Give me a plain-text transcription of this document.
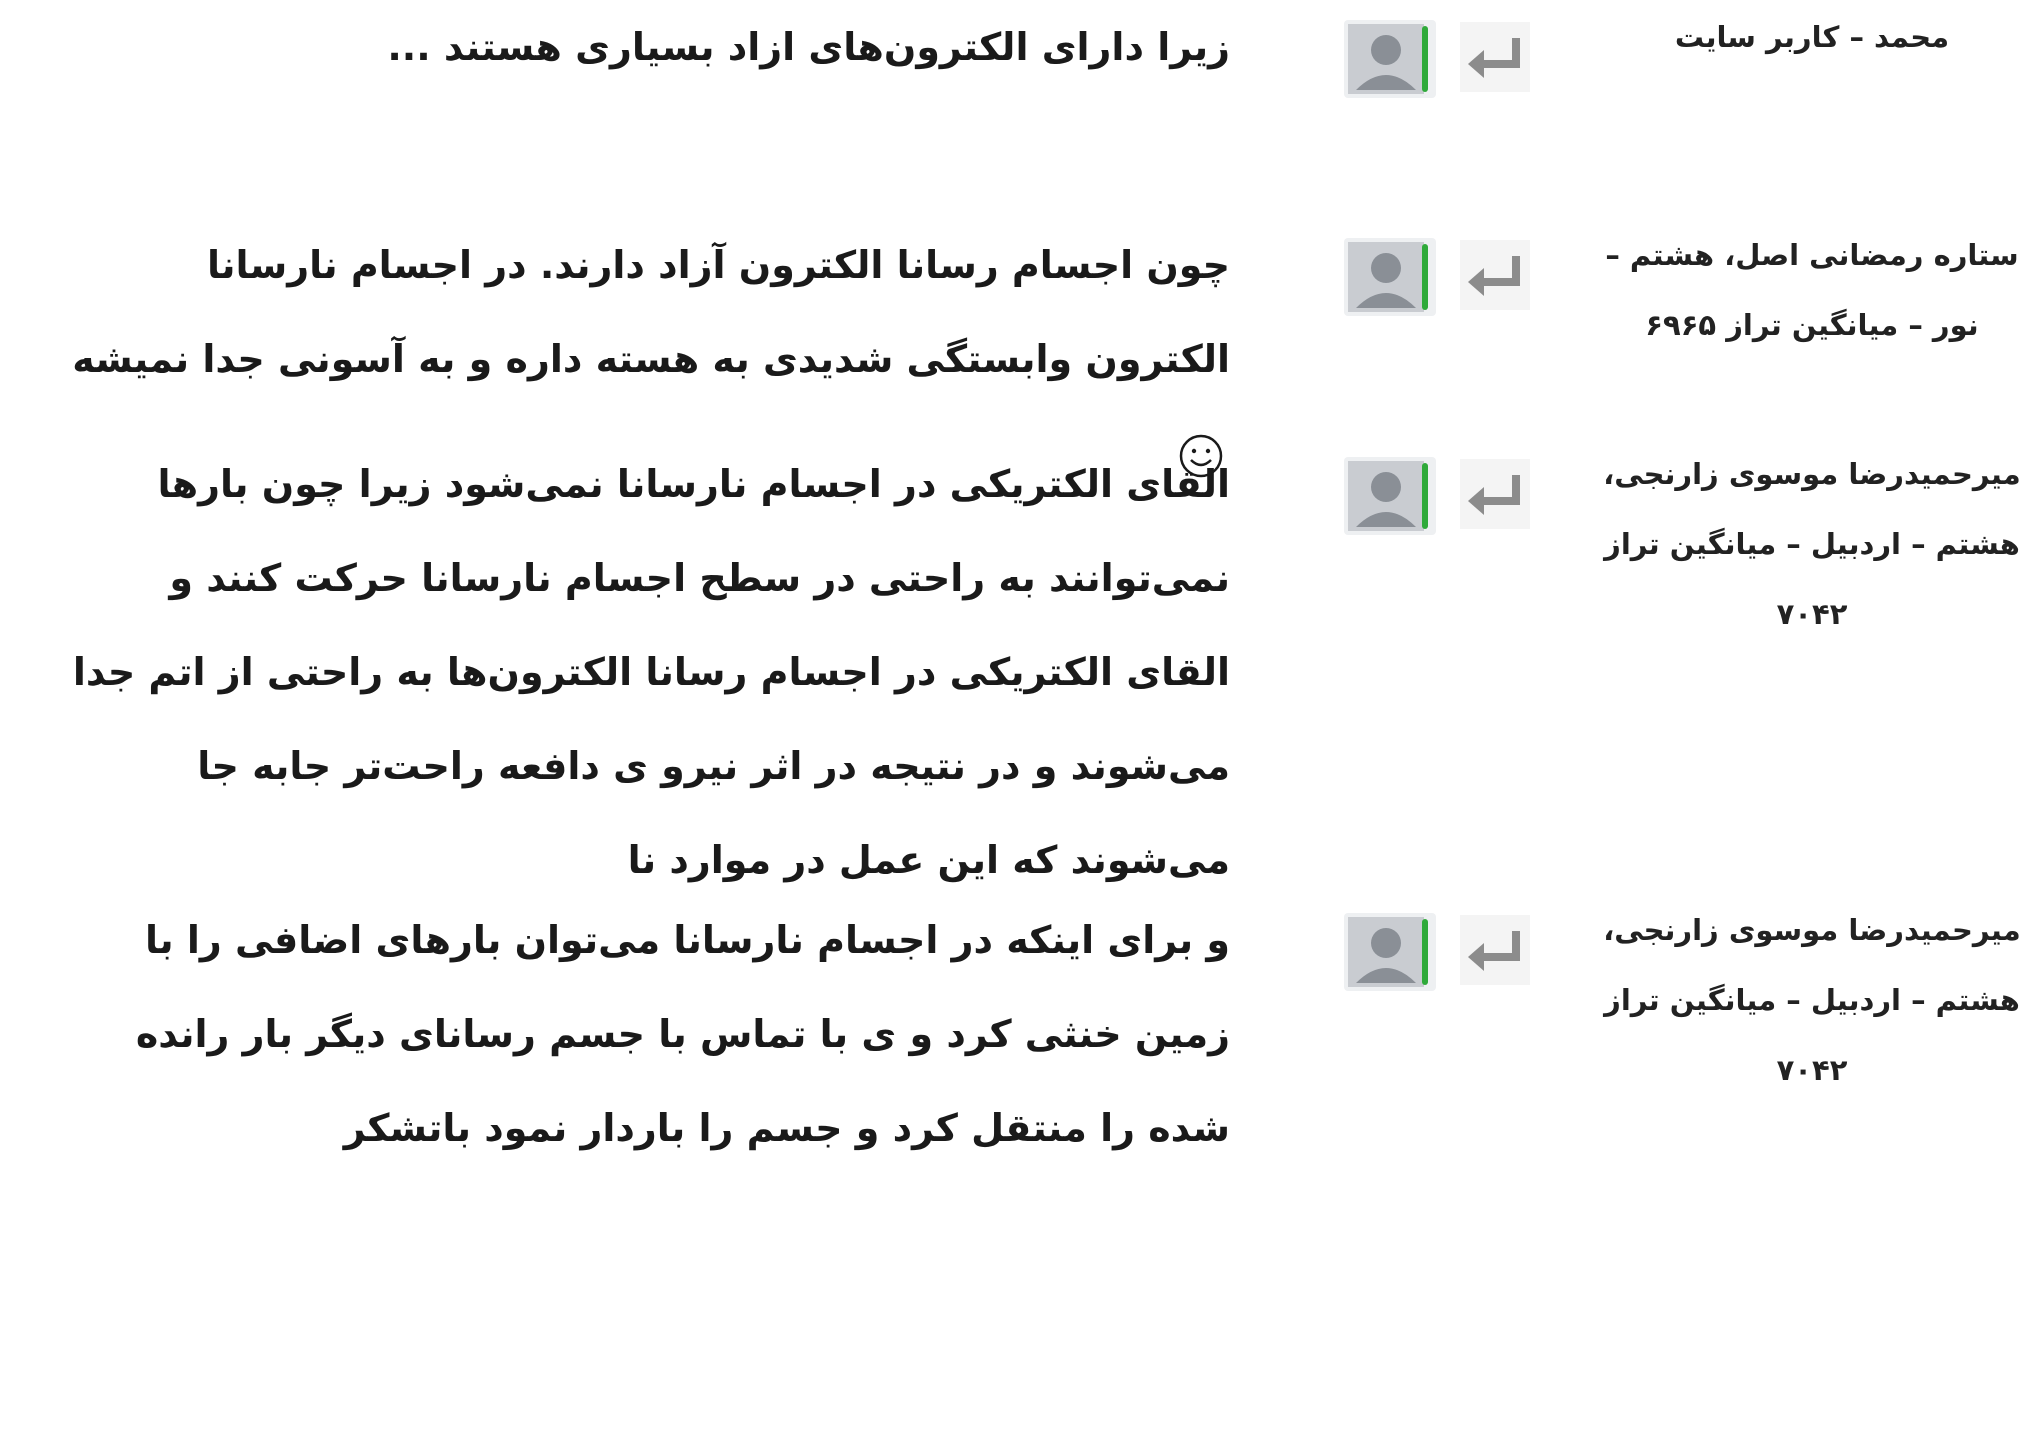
محمد – کاربر سایت
زیرا دارای الکترون‌های ازاد بسیاری هستند ...
ستاره رمضانی اصل، هشتم –
نور – میانگین تراز ۶۹۶۵
چون اجسام رسانا الکترون آزاد دارند. در اجسام نارسانا الکترون وابستگی شدیدی به هسته داره و به آسونی جدا نمیشه
میرحمیدرضا موسوی زارنجی،
هشتم – اردبیل – میانگین تراز
۷۰۴۲
القای الکتریکی در اجسام نارسانا نمی‌شود زیرا چون بارها نمی‌توانند به راحتی در سطح اجسام نارسانا حرکت کنند و القای الکتریکی در اجسام رسانا الکترون‌ها به راحتی از اتم جدا می‌شوند و در نتیجه در اثر نیرو ی دافعه راحت‌تر جابه جا می‌شوند که این عمل در موارد نا
میرحمیدرضا موسوی زارنجی،
هشتم – اردبیل – میانگین تراز
۷۰۴۲
و برای اینکه در اجسام نارسانا می‌توان بارهای اضافی را با زمین خنثی کرد و ی با تماس با جسم رسانای دیگر بار رانده شده را منتقل کرد و جسم را باردار نمود باتشکر
